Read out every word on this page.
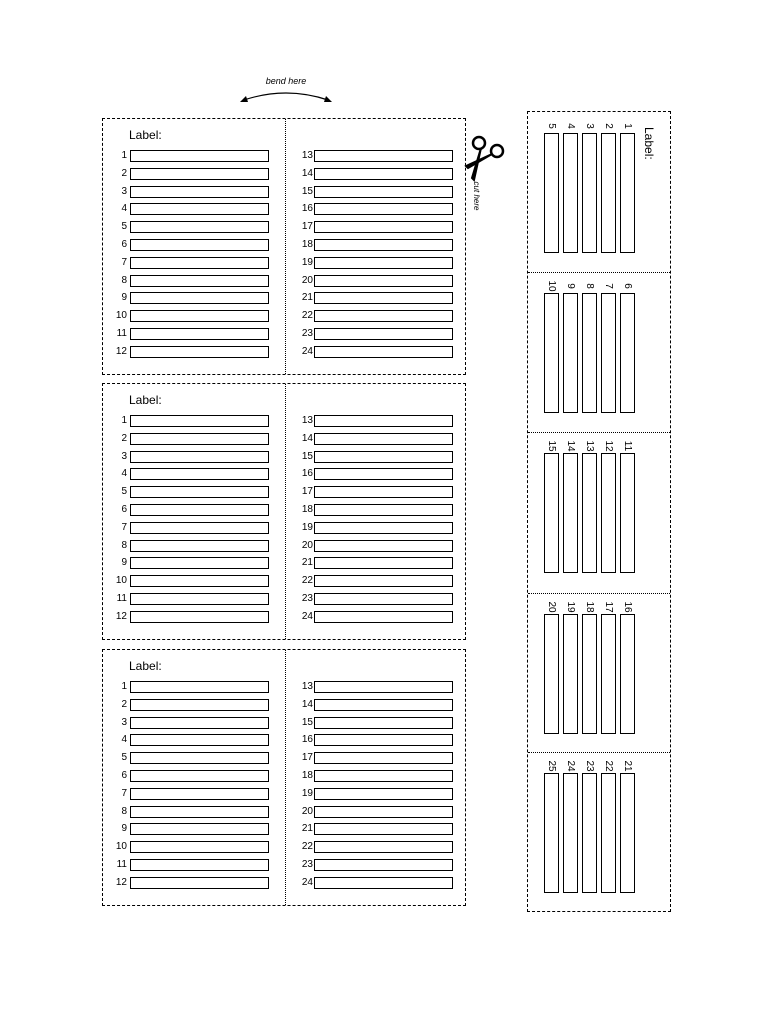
bend here
cut here
Label:
1
2
3
4
5
6
7
8
9
10
11
12
13
14
15
16
17
18
19
20
21
22
23
24
Label:
1
2
3
4
5
6
7
8
9
10
11
12
13
14
15
16
17
18
19
20
21
22
23
24
Label:
1
2
3
4
5
6
7
8
9
10
11
12
13
14
15
16
17
18
19
20
21
22
23
24
Label:
5 4 3 2 1
10 9 8 7 6
15 14 13 12 11
20 19 18 17 16
25 24 23 22 21
